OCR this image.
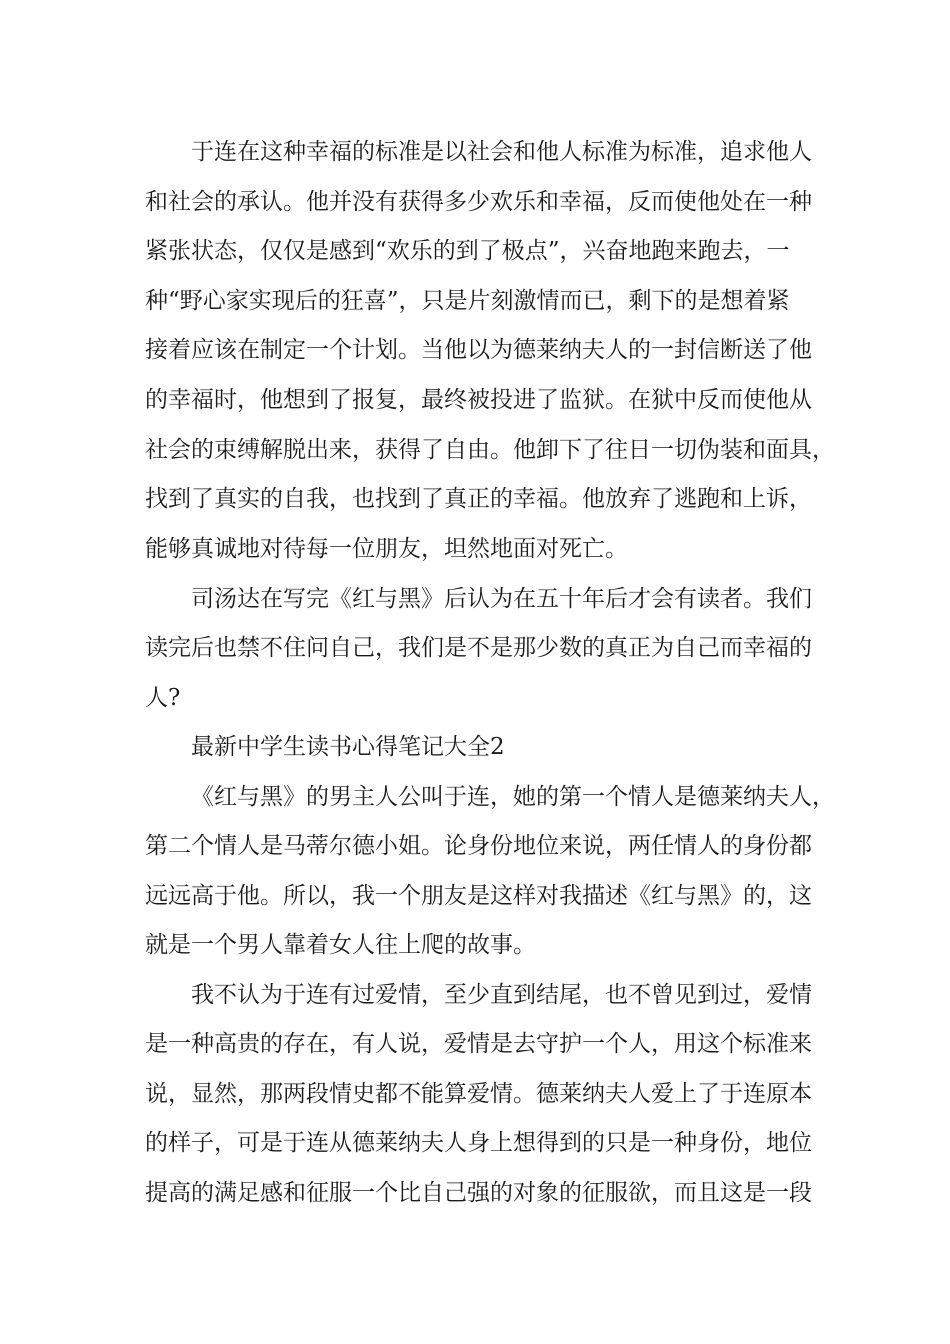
于连在这种幸福的标准是以社会和他人标准为标准，追求他人
和社会的承认。他并没有获得多少欢乐和幸福，反而使他处在一种
紧张状态，仅仅是感到“欢乐的到了极点”，兴奋地跑来跑去，一
种“野心家实现后的狂喜”，只是片刻激情而已，剩下的是想着紧
接着应该在制定一个计划。当他以为德莱纳夫人的一封信断送了他
的幸福时，他想到了报复，最终被投进了监狱。在狱中反而使他从
社会的束缚解脱出来，获得了自由。他卸下了往日一切伪装和面具，
找到了真实的自我，也找到了真正的幸福。他放弃了逃跑和上诉，
能够真诚地对待每一位朋友，坦然地面对死亡。
司汤达在写完《红与黑》后认为在五十年后才会有读者。我们
读完后也禁不住问自己，我们是不是那少数的真正为自己而幸福的
人?
最新中学生读书心得笔记大全2
《红与黑》的男主人公叫于连，她的第一个情人是德莱纳夫人，
第二个情人是马蒂尔德小姐。论身份地位来说，两任情人的身份都
远远高于他。所以，我一个朋友是这样对我描述《红与黑》的，这
就是一个男人靠着女人往上爬的故事。
我不认为于连有过爱情，至少直到结尾，也不曾见到过，爱情
是一种高贵的存在，有人说，爱情是去守护一个人，用这个标准来
说，显然，那两段情史都不能算爱情。德莱纳夫人爱上了于连原本
的样子，可是于连从德莱纳夫人身上想得到的只是一种身份，地位
提高的满足感和征服一个比自己强的对象的征服欲，而且这是一段
